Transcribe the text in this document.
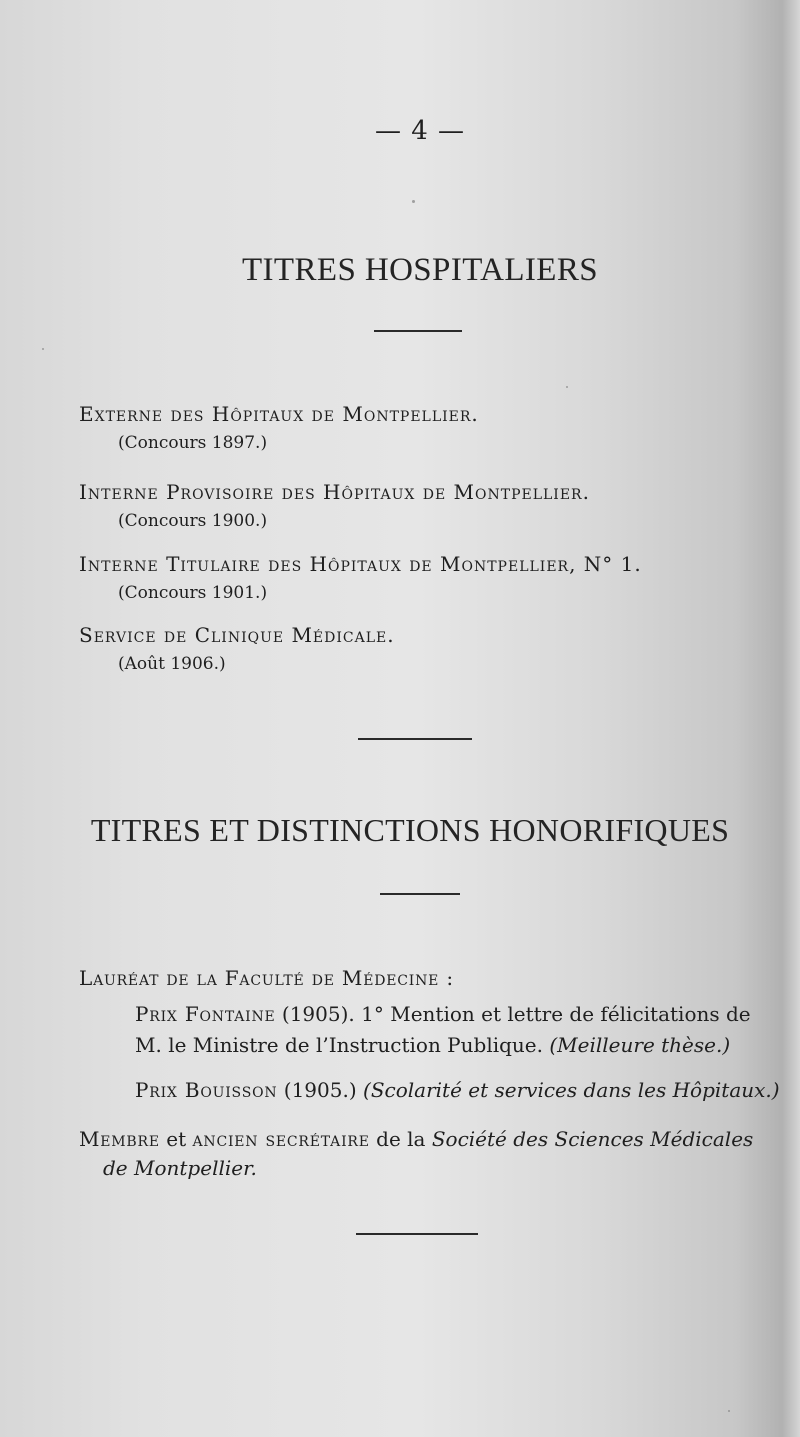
— 4 —
TITRES HOSPITALIERS
Externe des Hôpitaux de Montpellier.
(Concours 1897.)
Interne Provisoire des Hôpitaux de Montpellier.
(Concours 1900.)
Interne Titulaire des Hôpitaux de Montpellier, N° 1.
(Concours 1901.)
Service de Clinique Médicale.
(Août 1906.)
TITRES ET DISTINCTIONS HONORIFIQUES
Lauréat de la Faculté de Médecine :
Prix Fontaine (1905). 1° Mention et lettre de félicitations de
M. le Ministre de l’Instruction Publique. (Meilleure thèse.)
Prix Bouisson (1905.) (Scolarité et services dans les Hôpitaux.)
Membre et ancien secrétaire de la Société des Sciences Médicales
de Montpellier.
